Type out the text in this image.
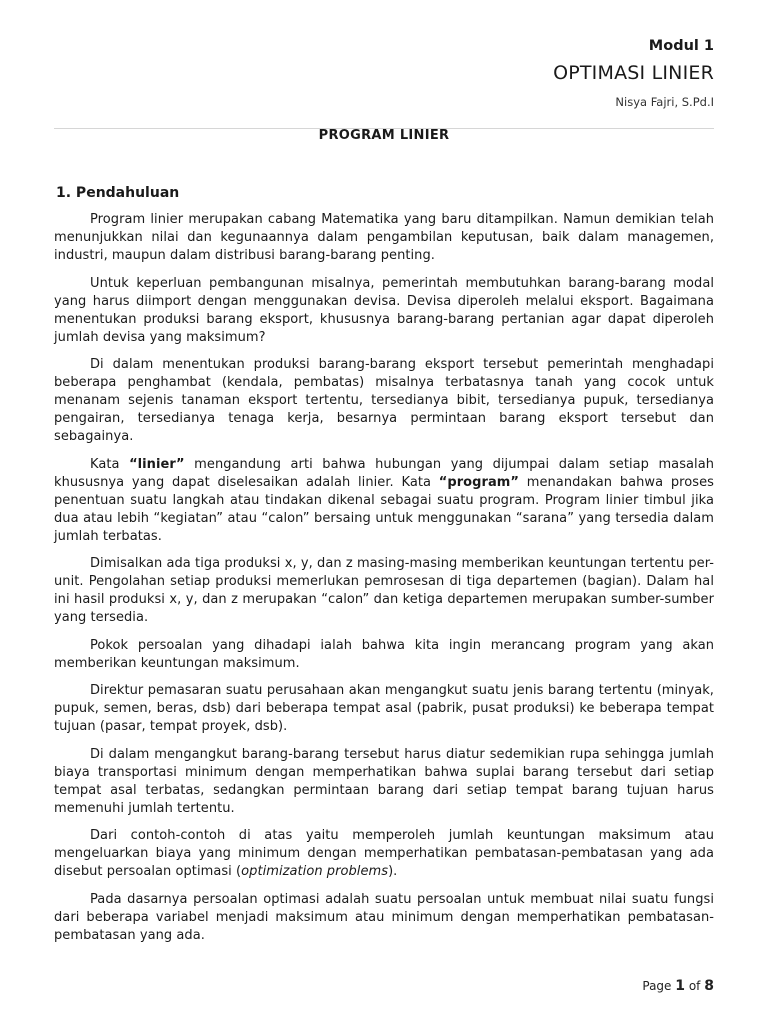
Modul 1
OPTIMASI LINIER
Nisya Fajri, S.Pd.I
PROGRAM LINIER
1. Pendahuluan

Program linier merupakan cabang Matematika yang baru ditampilkan. Namun demikian telah menunjukkan nilai dan kegunaannya dalam pengambilan keputusan, baik dalam managemen, industri, maupun dalam distribusi barang-barang penting.

Untuk keperluan pembangunan misalnya, pemerintah membutuhkan barang-barang modal yang harus diimport dengan menggunakan devisa. Devisa diperoleh melalui eksport. Bagaimana menentukan produksi barang eksport, khususnya barang-barang pertanian agar dapat diperoleh jumlah devisa yang maksimum?

Di dalam menentukan produksi barang-barang eksport tersebut pemerintah menghadapi beberapa penghambat (kendala, pembatas) misalnya terbatasnya tanah yang cocok untuk menanam sejenis tanaman eksport tertentu, tersedianya bibit, tersedianya pupuk, tersedianya pengairan, tersedianya tenaga kerja, besarnya permintaan barang eksport tersebut dan sebagainya.

Kata “linier” mengandung arti bahwa hubungan yang dijumpai dalam setiap masalah khususnya yang dapat diselesaikan adalah linier. Kata “program” menandakan bahwa proses penentuan suatu langkah atau tindakan dikenal sebagai suatu program. Program linier timbul jika dua atau lebih “kegiatan” atau “calon” bersaing untuk menggunakan “sarana” yang tersedia dalam jumlah terbatas.

Dimisalkan ada tiga produksi x, y, dan z masing-masing memberikan keuntungan tertentu per-unit. Pengolahan setiap produksi memerlukan pemrosesan di tiga departemen (bagian). Dalam hal ini hasil produksi x, y, dan z merupakan “calon” dan ketiga departemen merupakan sumber-sumber yang tersedia.

Pokok persoalan yang dihadapi ialah bahwa kita ingin merancang program yang akan memberikan keuntungan maksimum.

Direktur pemasaran suatu perusahaan akan mengangkut suatu jenis barang tertentu (minyak, pupuk, semen, beras, dsb) dari beberapa tempat asal (pabrik, pusat produksi) ke beberapa tempat tujuan (pasar, tempat proyek, dsb).

Di dalam mengangkut barang-barang tersebut harus diatur sedemikian rupa sehingga jumlah biaya transportasi minimum dengan memperhatikan bahwa suplai barang tersebut dari setiap tempat asal terbatas, sedangkan permintaan barang dari setiap tempat barang tujuan harus memenuhi jumlah tertentu.

Dari contoh-contoh di atas yaitu memperoleh jumlah keuntungan maksimum atau mengeluarkan biaya yang minimum dengan memperhatikan pembatasan-pembatasan yang ada disebut persoalan optimasi (optimization problems).

Pada dasarnya persoalan optimasi adalah suatu persoalan untuk membuat nilai suatu fungsi dari beberapa variabel menjadi maksimum atau minimum dengan memperhatikan pembatasan-pembatasan yang ada.

Page 1 of 8
